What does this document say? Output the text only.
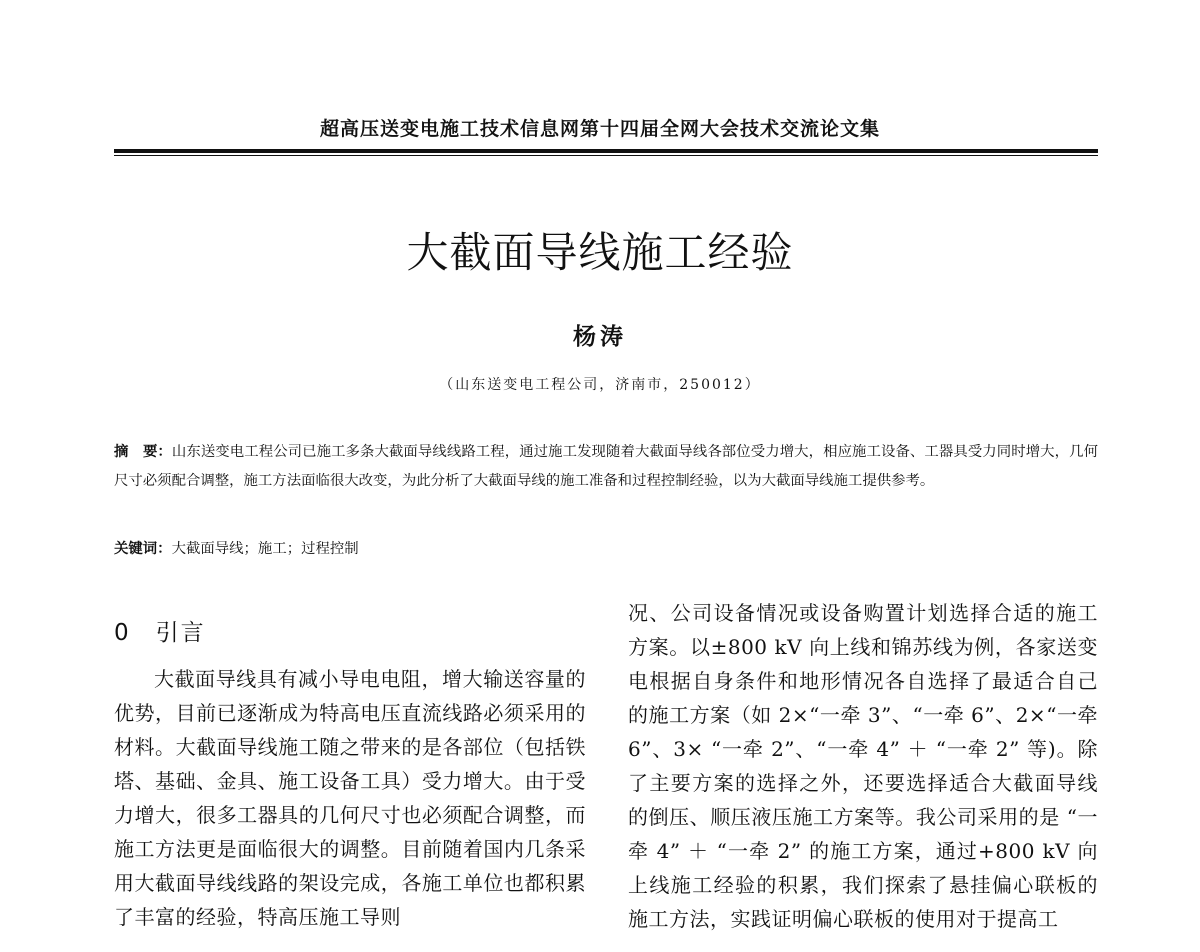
超高压送变电施工技术信息网第十四届全网大会技术交流论文集
大截面导线施工经验
杨涛
（山东送变电工程公司，济南市，250012）
摘　要：山东送变电工程公司已施工多条大截面导线线路工程，通过施工发现随着大截面导线各部位受力增大，相应施工设备、工器具受力同时增大，几何尺寸必须配合调整，施工方法面临很大改变，为此分析了大截面导线的施工准备和过程控制经验，以为大截面导线施工提供参考。
关键词：大截面导线；施工；过程控制
0　引言
大截面导线具有减小导电电阻，增大输送容量的优势，目前已逐渐成为特高电压直流线路必须采用的材料。大截面导线施工随之带来的是各部位（包括铁塔、基础、金具、施工设备工具）受力增大。由于受力增大，很多工器具的几何尺寸也必须配合调整，而施工方法更是面临很大的调整。目前随着国内几条采用大截面导线线路的架设完成，各施工单位也都积累了丰富的经验，特高压施工导则
况、公司设备情况或设备购置计划选择合适的施工方案。以±800 kV 向上线和锦苏线为例，各家送变电根据自身条件和地形情况各自选择了最适合自己的施工方案（如 2×“一牵 3”、“一牵 6”、2×“一牵 6”、3× “一牵 2”、“一牵 4” ＋ “一牵 2” 等)。除了主要方案的选择之外，还要选择适合大截面导线的倒压、顺压液压施工方案等。我公司采用的是 “一牵 4” ＋ “一牵 2” 的施工方案，通过+800 kV 向上线施工经验的积累，我们探索了悬挂偏心联板的施工方法，实践证明偏心联板的使用对于提高工
